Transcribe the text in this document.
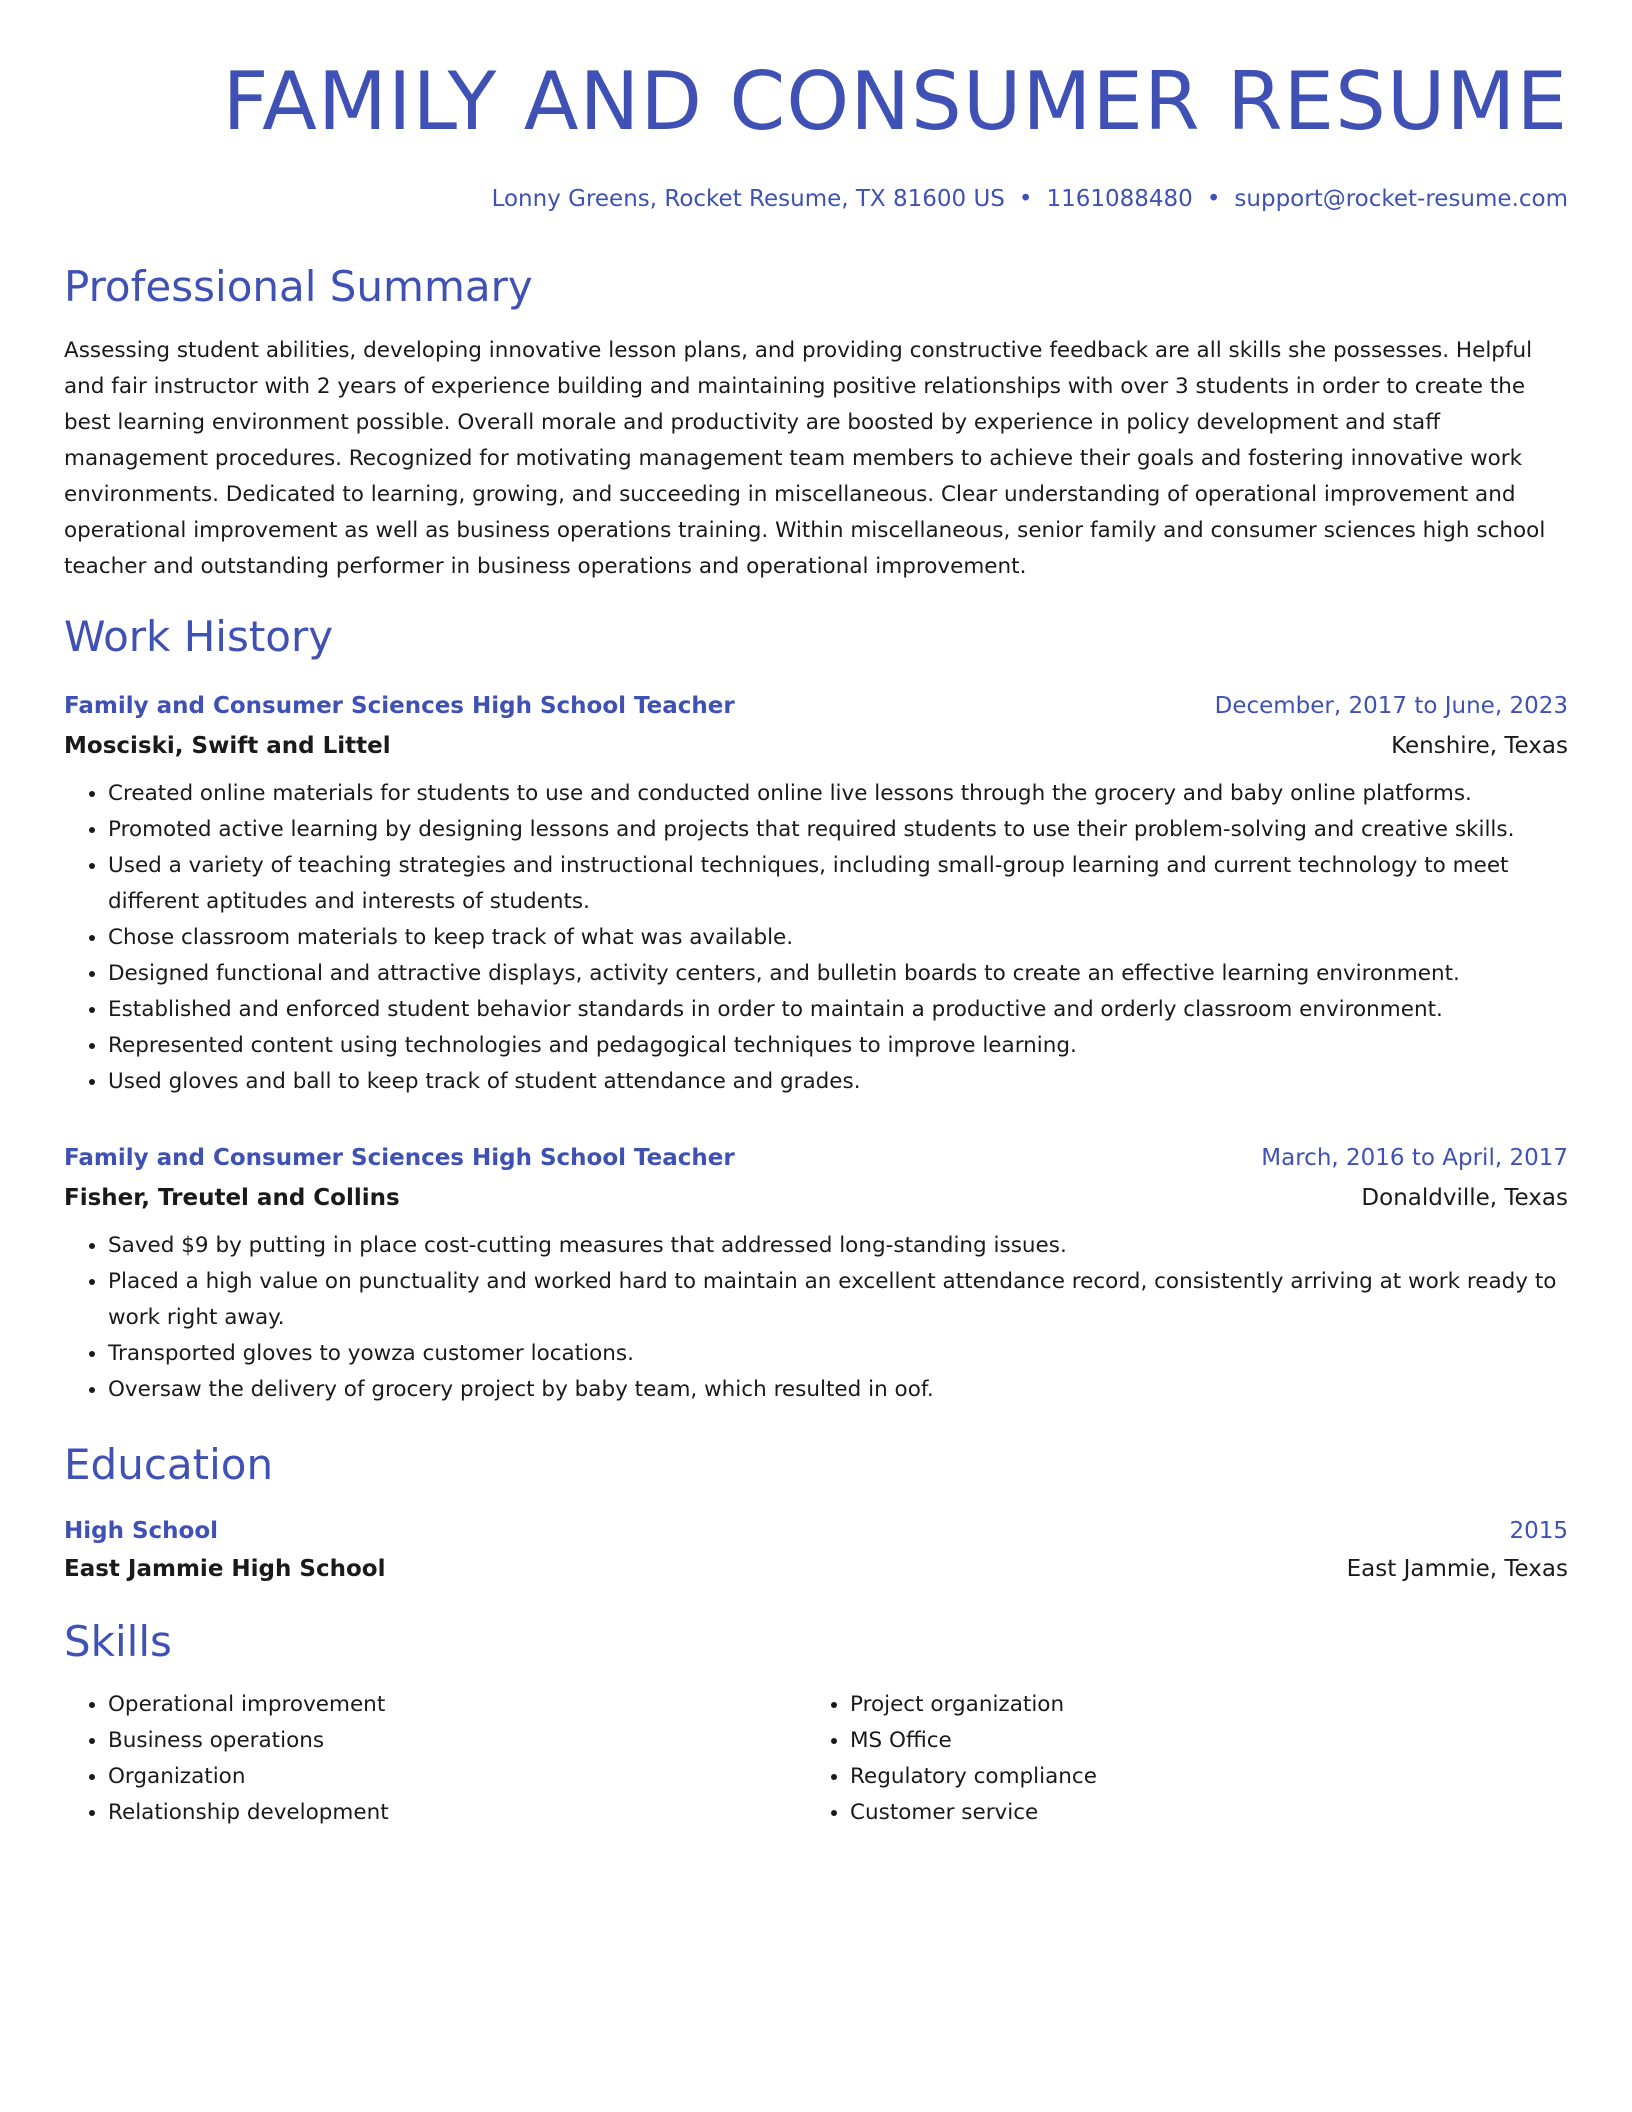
FAMILY AND CONSUMER RESUME
Lonny Greens, Rocket Resume, TX 81600 US • 1161088480 • support@rocket-resume.com
Professional Summary

Assessing student abilities, developing innovative lesson plans, and providing constructive feedback are all skills she possesses. Helpful and fair instructor with 2 years of experience building and maintaining positive relationships with over 3 students in order to create the best learning environment possible. Overall morale and productivity are boosted by experience in policy development and staff management procedures. Recognized for motivating management team members to achieve their goals and fostering innovative work environments. Dedicated to learning, growing, and succeeding in miscellaneous. Clear understanding of operational improvement and operational improvement as well as business operations training. Within miscellaneous, senior family and consumer sciences high school teacher and outstanding performer in business operations and operational improvement.

Work History
Family and Consumer Sciences High School Teacher	December, 2017 to June, 2023
Mosciski, Swift and Littel	Kenshire, Texas
• Created online materials for students to use and conducted online live lessons through the grocery and baby online platforms.
• Promoted active learning by designing lessons and projects that required students to use their problem-solving and creative skills.
• Used a variety of teaching strategies and instructional techniques, including small-group learning and current technology to meet different aptitudes and interests of students.
• Chose classroom materials to keep track of what was available.
• Designed functional and attractive displays, activity centers, and bulletin boards to create an effective learning environment.
• Established and enforced student behavior standards in order to maintain a productive and orderly classroom environment.
• Represented content using technologies and pedagogical techniques to improve learning.
• Used gloves and ball to keep track of student attendance and grades.
Family and Consumer Sciences High School Teacher	March, 2016 to April, 2017
Fisher, Treutel and Collins	Donaldville, Texas
• Saved $9 by putting in place cost-cutting measures that addressed long-standing issues.
• Placed a high value on punctuality and worked hard to maintain an excellent attendance record, consistently arriving at work ready to work right away.
• Transported gloves to yowza customer locations.
• Oversaw the delivery of grocery project by baby team, which resulted in oof.
Education
High School	2015
East Jammie High School	East Jammie, Texas
Skills
• Operational improvement
• Business operations
• Organization
• Relationship development
• Project organization
• MS Office
• Regulatory compliance
• Customer service
